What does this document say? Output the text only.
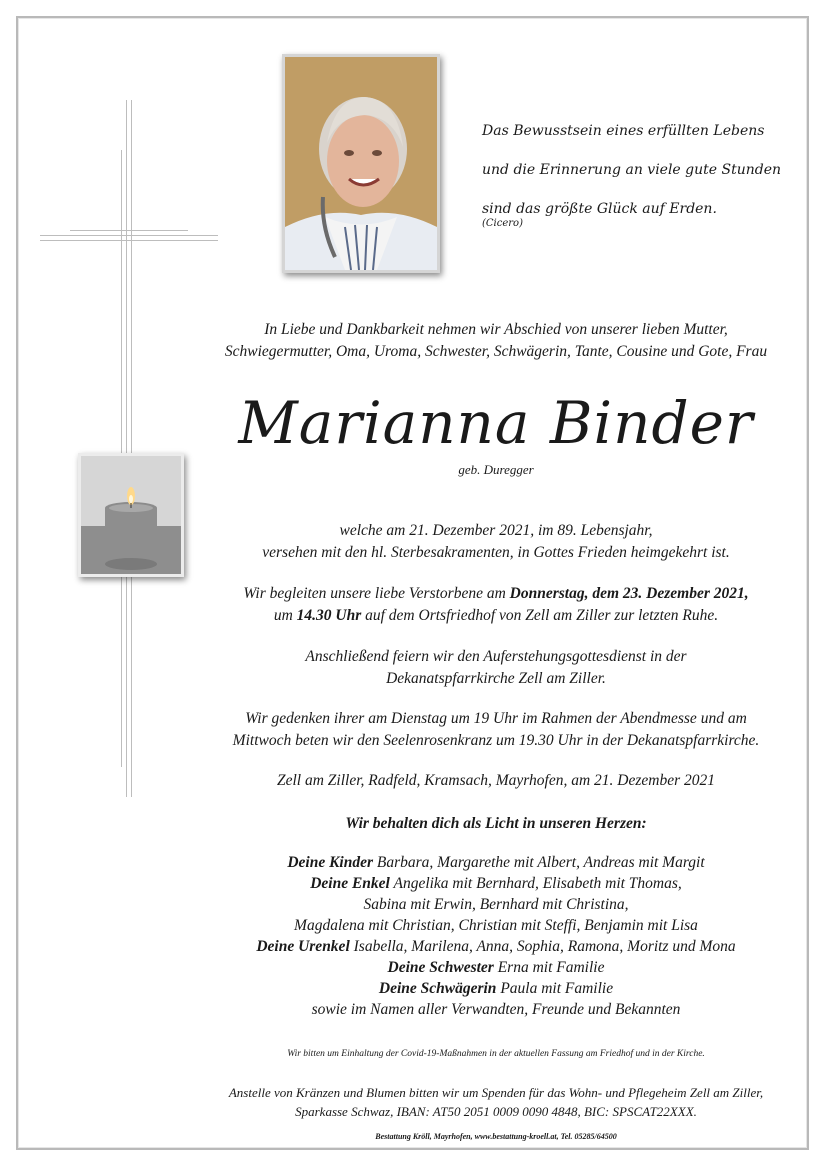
Das Bewusstsein eines erfüllten Lebens
und die Erinnerung an viele gute Stunden
sind das größte Glück auf Erden.
(Cicero)
In Liebe und Dankbarkeit nehmen wir Abschied von unserer lieben Mutter,
Schwiegermutter, Oma, Uroma, Schwester, Schwägerin, Tante, Cousine und Gote, Frau
Marianna Binder
geb. Duregger
welche am 21. Dezember 2021, im 89. Lebensjahr,
versehen mit den hl. Sterbesakramenten, in Gottes Frieden heimgekehrt ist.
Wir begleiten unsere liebe Verstorbene am Donnerstag, dem 23. Dezember 2021,
um 14.30 Uhr auf dem Ortsfriedhof von Zell am Ziller zur letzten Ruhe.
Anschließend feiern wir den Auferstehungsgottesdienst in der
Dekanatspfarrkirche Zell am Ziller.
Wir gedenken ihrer am Dienstag um 19 Uhr im Rahmen der Abendmesse und am
Mittwoch beten wir den Seelenrosenkranz um 19.30 Uhr in der Dekanatspfarrkirche.
Zell am Ziller, Radfeld, Kramsach, Mayrhofen, am 21. Dezember 2021
Wir behalten dich als Licht in unseren Herzen:
Deine Kinder Barbara, Margarethe mit Albert, Andreas mit Margit
Deine Enkel Angelika mit Bernhard, Elisabeth mit Thomas,
Sabina mit Erwin, Bernhard mit Christina,
Magdalena mit Christian, Christian mit Steffi, Benjamin mit Lisa
Deine Urenkel Isabella, Marilena, Anna, Sophia, Ramona, Moritz und Mona
Deine Schwester Erna mit Familie
Deine Schwägerin Paula mit Familie
sowie im Namen aller Verwandten, Freunde und Bekannten
Wir bitten um Einhaltung der Covid-19-Maßnahmen in der aktuellen Fassung am Friedhof und in der Kirche.
Anstelle von Kränzen und Blumen bitten wir um Spenden für das Wohn- und Pflegeheim Zell am Ziller,
Sparkasse Schwaz, IBAN: AT50 2051 0009 0090 4848, BIC: SPSCAT22XXX.
Bestattung Kröll, Mayrhofen, www.bestattung-kroell.at, Tel. 05285/64500
